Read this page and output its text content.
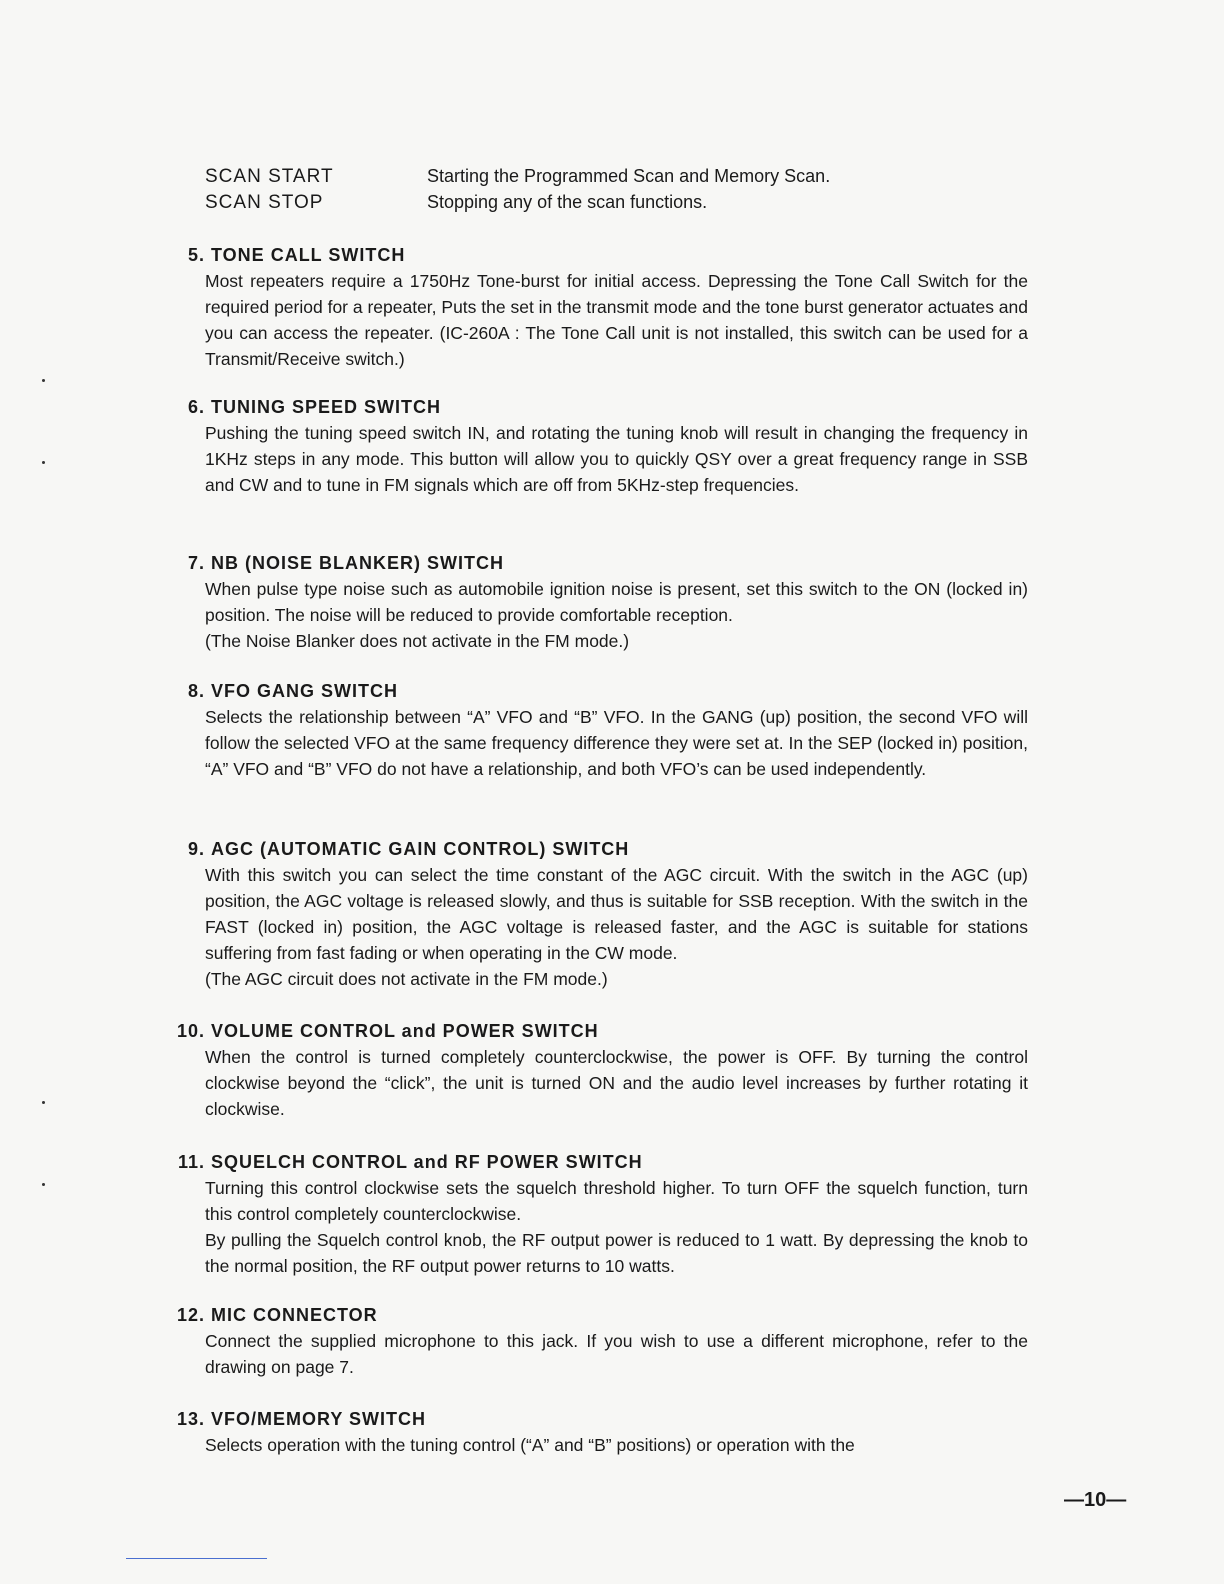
SCAN START	Starting the Programmed Scan and Memory Scan.
SCAN STOP	Stopping any of the scan functions.
5.
TONE CALL SWITCH

Most repeaters require a 1750Hz Tone-burst for initial access. Depressing the Tone Call Switch for the required period for a repeater, Puts the set in the transmit mode and the tone burst generator actuates and you can access the repeater. (IC-260A : The Tone Call unit is not installed, this switch can be used for a Transmit/Receive switch.)

6.
TUNING SPEED SWITCH

Pushing the tuning speed switch IN, and rotating the tuning knob will result in changing the frequency in 1KHz steps in any mode. This button will allow you to quickly QSY over a great frequency range in SSB and CW and to tune in FM signals which are off from 5KHz-step frequencies.

7.
NB (NOISE BLANKER) SWITCH

When pulse type noise such as automobile ignition noise is present, set this switch to the ON (locked in) position. The noise will be reduced to provide comfortable reception.

(The Noise Blanker does not activate in the FM mode.)

8.
VFO GANG SWITCH

Selects the relationship between “A” VFO and “B” VFO. In the GANG (up) position, the second VFO will follow the selected VFO at the same frequency difference they were set at. In the SEP (locked in) position, “A” VFO and “B” VFO do not have a relationship, and both VFO’s can be used independently.

9.
AGC (AUTOMATIC GAIN CONTROL) SWITCH

With this switch you can select the time constant of the AGC circuit. With the switch in the AGC (up) position, the AGC voltage is released slowly, and thus is suitable for SSB reception. With the switch in the FAST (locked in) position, the AGC voltage is released faster, and the AGC is suitable for stations suffering from fast fading or when operating in the CW mode.

(The AGC circuit does not activate in the FM mode.)

10.
VOLUME CONTROL and POWER SWITCH

When the control is turned completely counterclockwise, the power is OFF. By turning the control clockwise beyond the “click”, the unit is turned ON and the audio level increases by further rotating it clockwise.

11.
SQUELCH CONTROL and RF POWER SWITCH

Turning this control clockwise sets the squelch threshold higher. To turn OFF the squelch function, turn this control completely counterclockwise.

By pulling the Squelch control knob, the RF output power is reduced to 1 watt. By depressing the knob to the normal position, the RF output power returns to 10 watts.

12.
MIC CONNECTOR

Connect the supplied microphone to this jack. If you wish to use a different microphone, refer to the drawing on page 7.

13.
VFO/MEMORY SWITCH

Selects operation with the tuning control (“A” and “B” positions) or operation with the

—10—
